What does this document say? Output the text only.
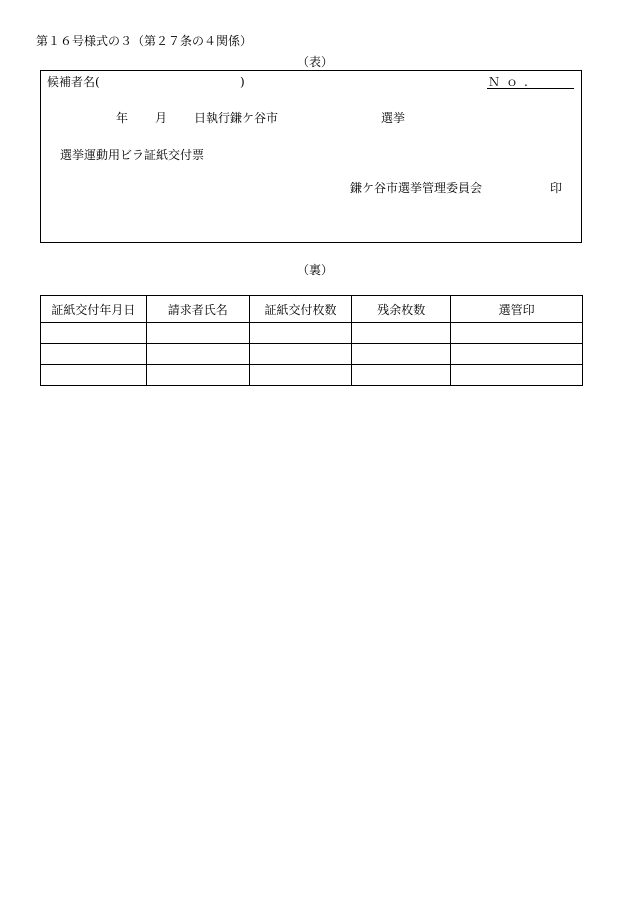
第１６号様式の３（第２７条の４関係）
（表）
候補者名(	)	Ｎｏ.
年 月 日執行鎌ケ谷市	選挙
選挙運動用ビラ証紙交付票
鎌ケ谷市選挙管理委員会	印
（裏）
証紙交付年月日	請求者氏名	証紙交付枚数	残余枚数	選管印
